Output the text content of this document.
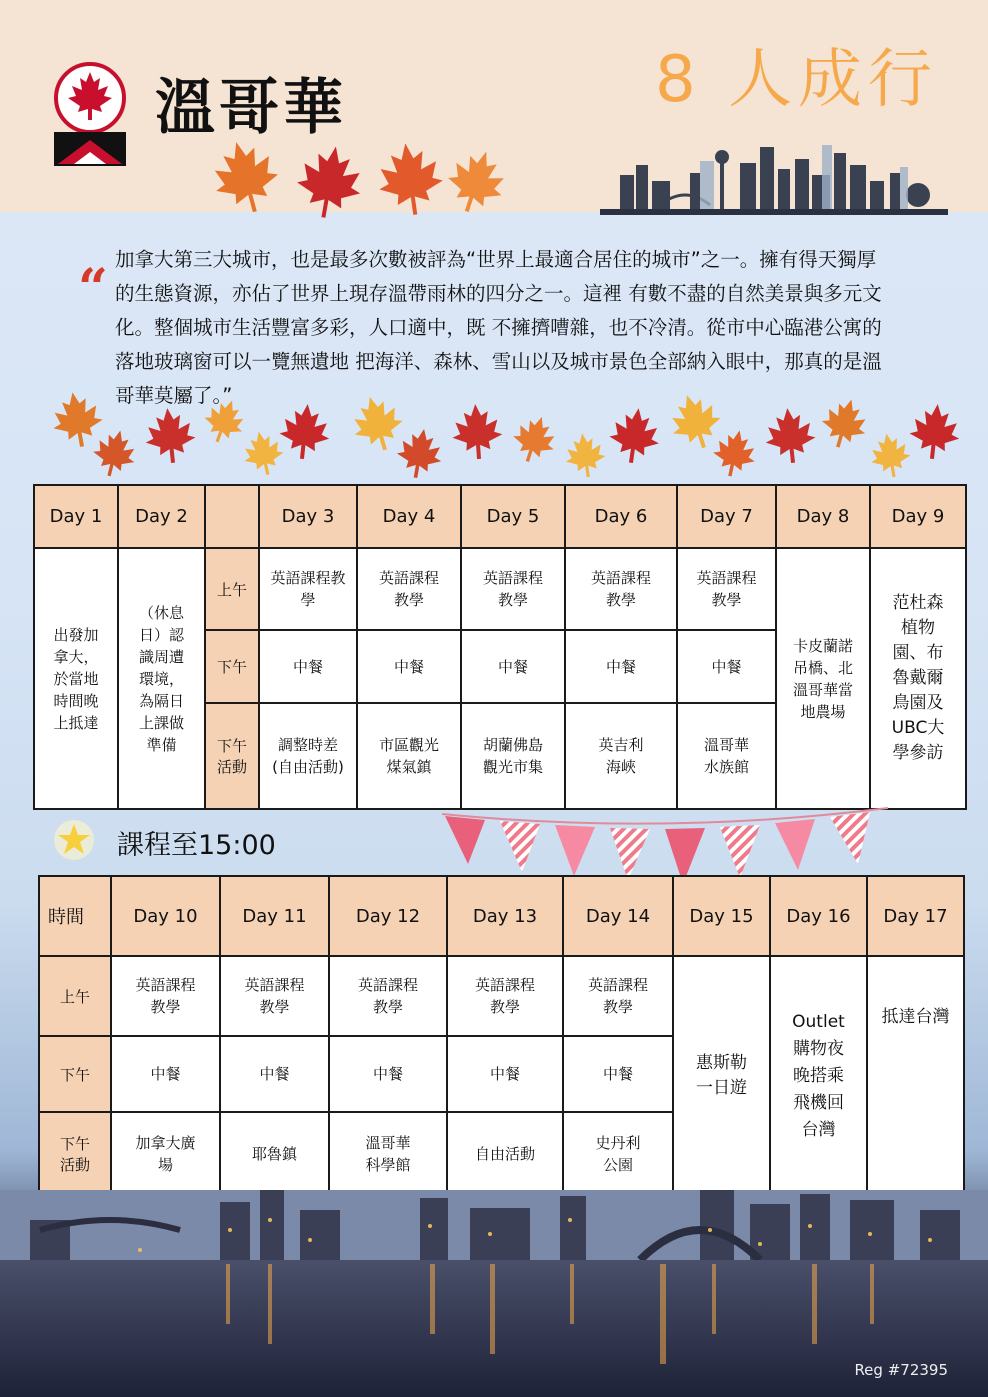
溫哥華	8 人成行
“ 加拿大第三大城市，也是最多次數被評為“世界上最適合居住的城市”之一。擁有得天獨厚的生態資源，亦佔了世界上現存溫帶雨林的四分之一。這裡 有數不盡的自然美景與多元文化。整個城市生活豐富多彩，人口適中，既 不擁擠嘈雜，也不冷清。從市中心臨港公寓的落地玻璃窗可以一覽無遺地 把海洋、森林、雪山以及城市景色全部納入眼中，那真的是溫哥華莫屬了。”
Day 1	Day 2		Day 3	Day 4	Day 5	Day 6	Day 7	Day 8	Day 9
出發加拿大，於當地時間晚上抵達	（休息日）認識周遭環境，為隔日上課做準備	上午	英語課程教學	英語課程教學	英語課程教學	英語課程教學	英語課程教學	卡皮蘭諾吊橋、北溫哥華當地農場	范杜森植物園、布魯戴爾鳥園及UBC大學參訪
		下午	中餐	中餐	中餐	中餐	中餐		
		下午活動	調整時差(自由活動)	市區觀光煤氣鎮	胡蘭佛島觀光市集	英吉利海峽	溫哥華水族館		
課程至15:00
時間	Day 10	Day 11	Day 12	Day 13	Day 14	Day 15	Day 16	Day 17
上午	英語課程教學	英語課程教學	英語課程教學	英語課程教學	英語課程教學	惠斯勒一日遊	Outlet購物夜晚搭乘飛機回台灣	抵達台灣
下午	中餐	中餐	中餐	中餐	中餐			
下午活動	加拿大廣場	耶魯鎮	溫哥華科學館	自由活動	史丹利公園			
Reg #72395
